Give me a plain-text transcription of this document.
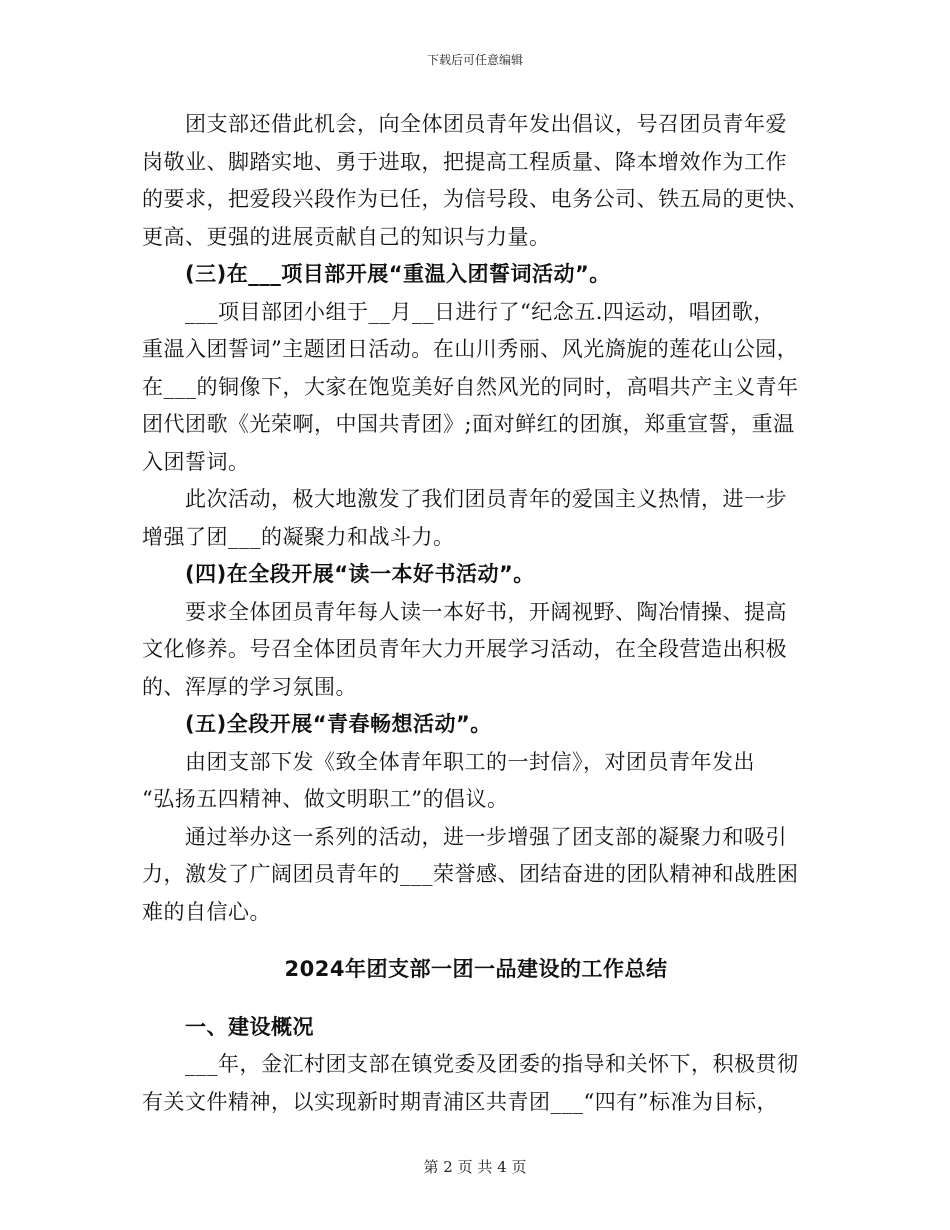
下载后可任意编辑
团支部还借此机会，向全体团员青年发出倡议，号召团员青年爱
岗敬业、脚踏实地、勇于进取，把提高工程质量、降本增效作为工作
的要求，把爱段兴段作为已任，为信号段、电务公司、铁五局的更快、
更高、更强的进展贡献自己的知识与力量。
(三)在___项目部开展“重温入团誓词活动”。
___项目部团小组于__月__日进行了“纪念五.四运动，唱团歌，
重温入团誓词”主题团日活动。在山川秀丽、风光旖旎的莲花山公园，
在___的铜像下，大家在饱览美好自然风光的同时，高唱共产主义青年
团代团歌《光荣啊，中国共青团》;面对鲜红的团旗，郑重宣誓，重温
入团誓词。
此次活动，极大地激发了我们团员青年的爱国主义热情，进一步
增强了团___的凝聚力和战斗力。
(四)在全段开展“读一本好书活动”。
要求全体团员青年每人读一本好书，开阔视野、陶冶情操、提高
文化修养。号召全体团员青年大力开展学习活动，在全段营造出积极
的、浑厚的学习氛围。
(五)全段开展“青春畅想活动”。
由团支部下发《致全体青年职工的一封信》，对团员青年发出
“弘扬五四精神、做文明职工”的倡议。
通过举办这一系列的活动，进一步增强了团支部的凝聚力和吸引
力，激发了广阔团员青年的___荣誉感、团结奋进的团队精神和战胜困
难的自信心。
2024年团支部一团一品建设的工作总结
一、建设概况
___年，金汇村团支部在镇党委及团委的指导和关怀下，积极贯彻
有关文件精神，以实现新时期青浦区共青团___“四有”标准为目标，
第 2 页 共 4 页
